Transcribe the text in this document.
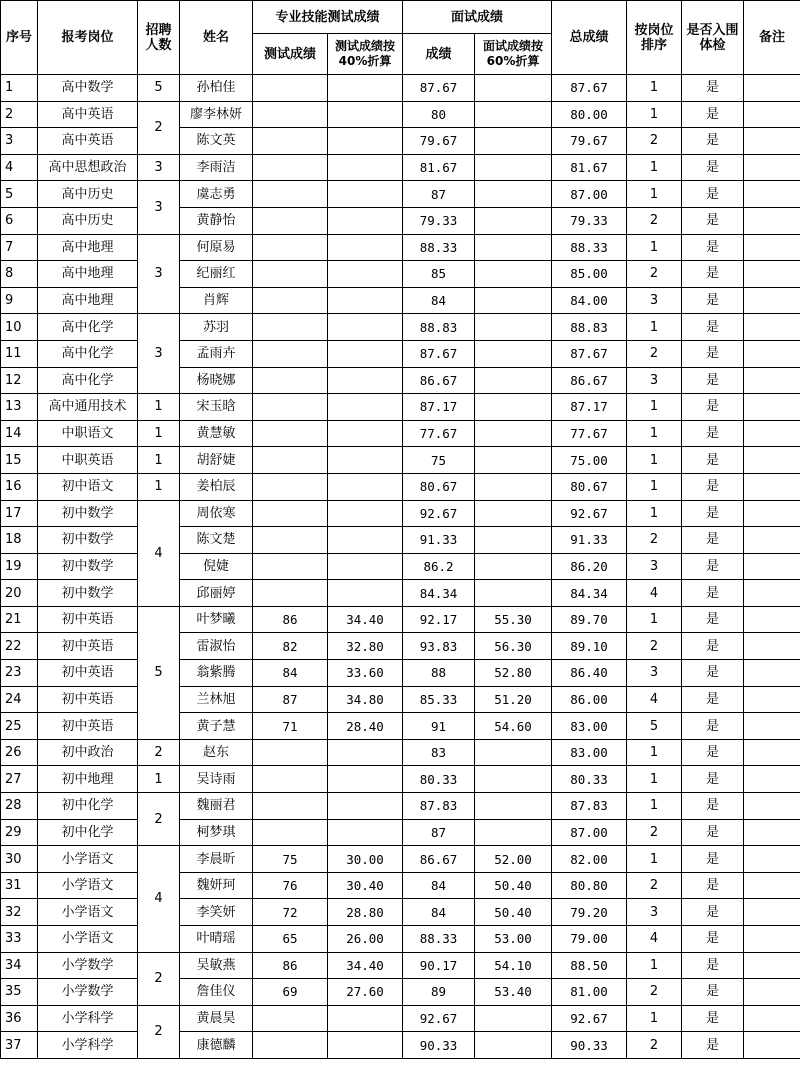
序号	报考岗位	招聘人数	姓名	专业技能测试成绩		面试成绩		总成绩	按岗位排序	是否入围体检	备注
				测试成绩	测试成绩按40%折算	成绩	面试成绩按60%折算				
1	高中数学	5	孙柏佳			87.67		87.67	1	是	
2	高中英语	2	廖李林妍			80		80.00	1	是	
3	高中英语		陈文英			79.67		79.67	2	是	
4	高中思想政治	3	李雨洁			81.67		81.67	1	是	
5	高中历史	3	虞志勇			87		87.00	1	是	
6	高中历史		黄静怡			79.33		79.33	2	是	
7	高中地理	3	何原易			88.33		88.33	1	是	
8	高中地理		纪丽红			85		85.00	2	是	
9	高中地理		肖辉			84		84.00	3	是	
10	高中化学	3	苏羽			88.83		88.83	1	是	
11	高中化学		孟雨卉			87.67		87.67	2	是	
12	高中化学		杨晓娜			86.67		86.67	3	是	
13	高中通用技术	1	宋玉晗			87.17		87.17	1	是	
14	中职语文	1	黄慧敏			77.67		77.67	1	是	
15	中职英语	1	胡舒婕			75		75.00	1	是	
16	初中语文	1	姜柏辰			80.67		80.67	1	是	
17	初中数学	4	周依寒			92.67		92.67	1	是	
18	初中数学		陈文楚			91.33		91.33	2	是	
19	初中数学		倪婕			86.2		86.20	3	是	
20	初中数学		邱丽婷			84.34		84.34	4	是	
21	初中英语	5	叶梦曦	86	34.40	92.17	55.30	89.70	1	是	
22	初中英语		雷淑怡	82	32.80	93.83	56.30	89.10	2	是	
23	初中英语		翁紫腾	84	33.60	88	52.80	86.40	3	是	
24	初中英语		兰林旭	87	34.80	85.33	51.20	86.00	4	是	
25	初中英语		黄子慧	71	28.40	91	54.60	83.00	5	是	
26	初中政治	2	赵东			83		83.00	1	是	
27	初中地理	1	吴诗雨			80.33		80.33	1	是	
28	初中化学	2	魏丽君			87.83		87.83	1	是	
29	初中化学		柯梦琪			87		87.00	2	是	
30	小学语文	4	李晨昕	75	30.00	86.67	52.00	82.00	1	是	
31	小学语文		魏妍珂	76	30.40	84	50.40	80.80	2	是	
32	小学语文		李笑妍	72	28.80	84	50.40	79.20	3	是	
33	小学语文		叶晴瑶	65	26.00	88.33	53.00	79.00	4	是	
34	小学数学	2	吴敏燕	86	34.40	90.17	54.10	88.50	1	是	
35	小学数学		詹佳仪	69	27.60	89	53.40	81.00	2	是	
36	小学科学	2	黄晨昊			92.67		92.67	1	是	
37	小学科学		康德麟			90.33		90.33	2	是	
